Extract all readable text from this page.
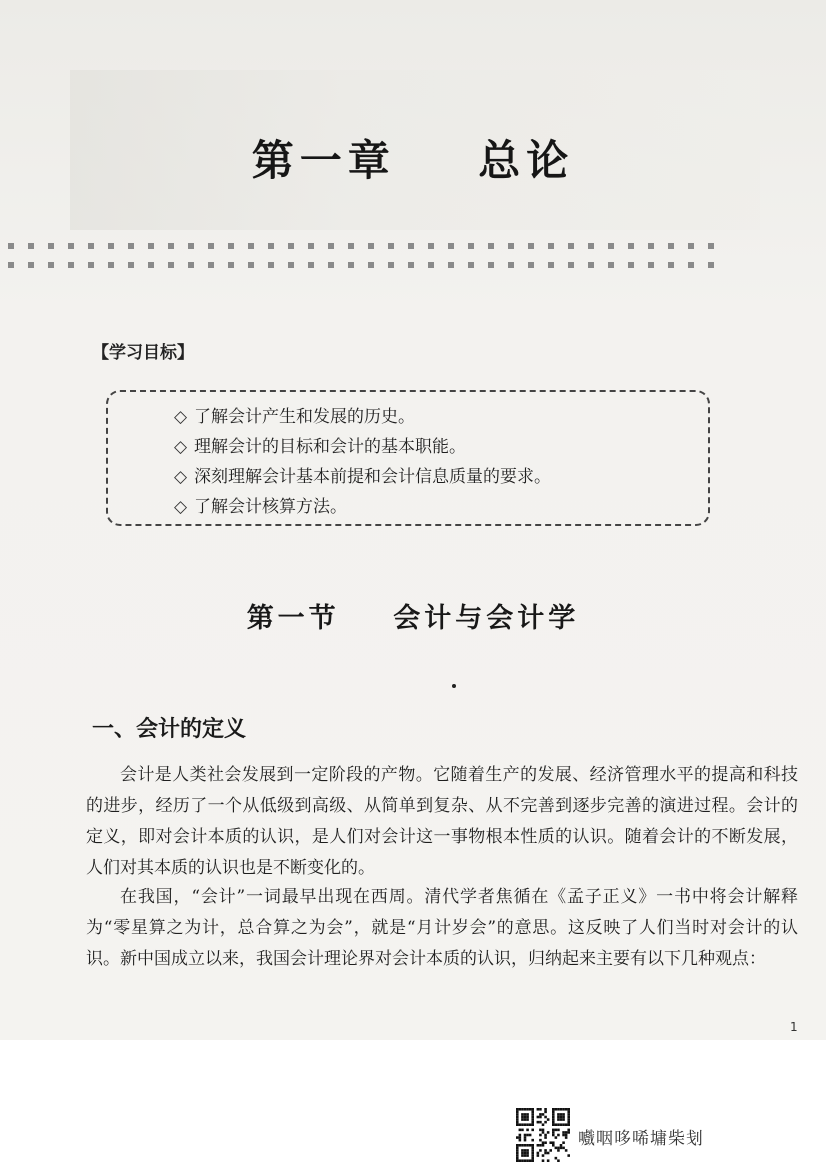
第一章    总论
【学习目标】
◇ 了解会计产生和发展的历史。
◇ 理解会计的目标和会计的基本职能。
◇ 深刻理解会计基本前提和会计信息质量的要求。
◇ 了解会计核算方法。
第一节    会计与会计学
一、会计的定义

会计是人类社会发展到一定阶段的产物。它随着生产的发展、经济管理水平的提高和科技的进步，经历了一个从低级到高级、从简单到复杂、从不完善到逐步完善的演进过程。会计的定义，即对会计本质的认识，是人们对会计这一事物根本性质的认识。随着会计的不断发展，人们对其本质的认识也是不断变化的。

在我国，“会计”一词最早出现在西周。清代学者焦循在《孟子正义》一书中将会计解释为“零星算之为计，总合算之为会”，就是“月计岁会”的意思。这反映了人们当时对会计的认识。新中国成立以来，我国会计理论界对会计本质的认识，归纳起来主要有以下几种观点：

1
嚱咽哆唏墉柴刬
